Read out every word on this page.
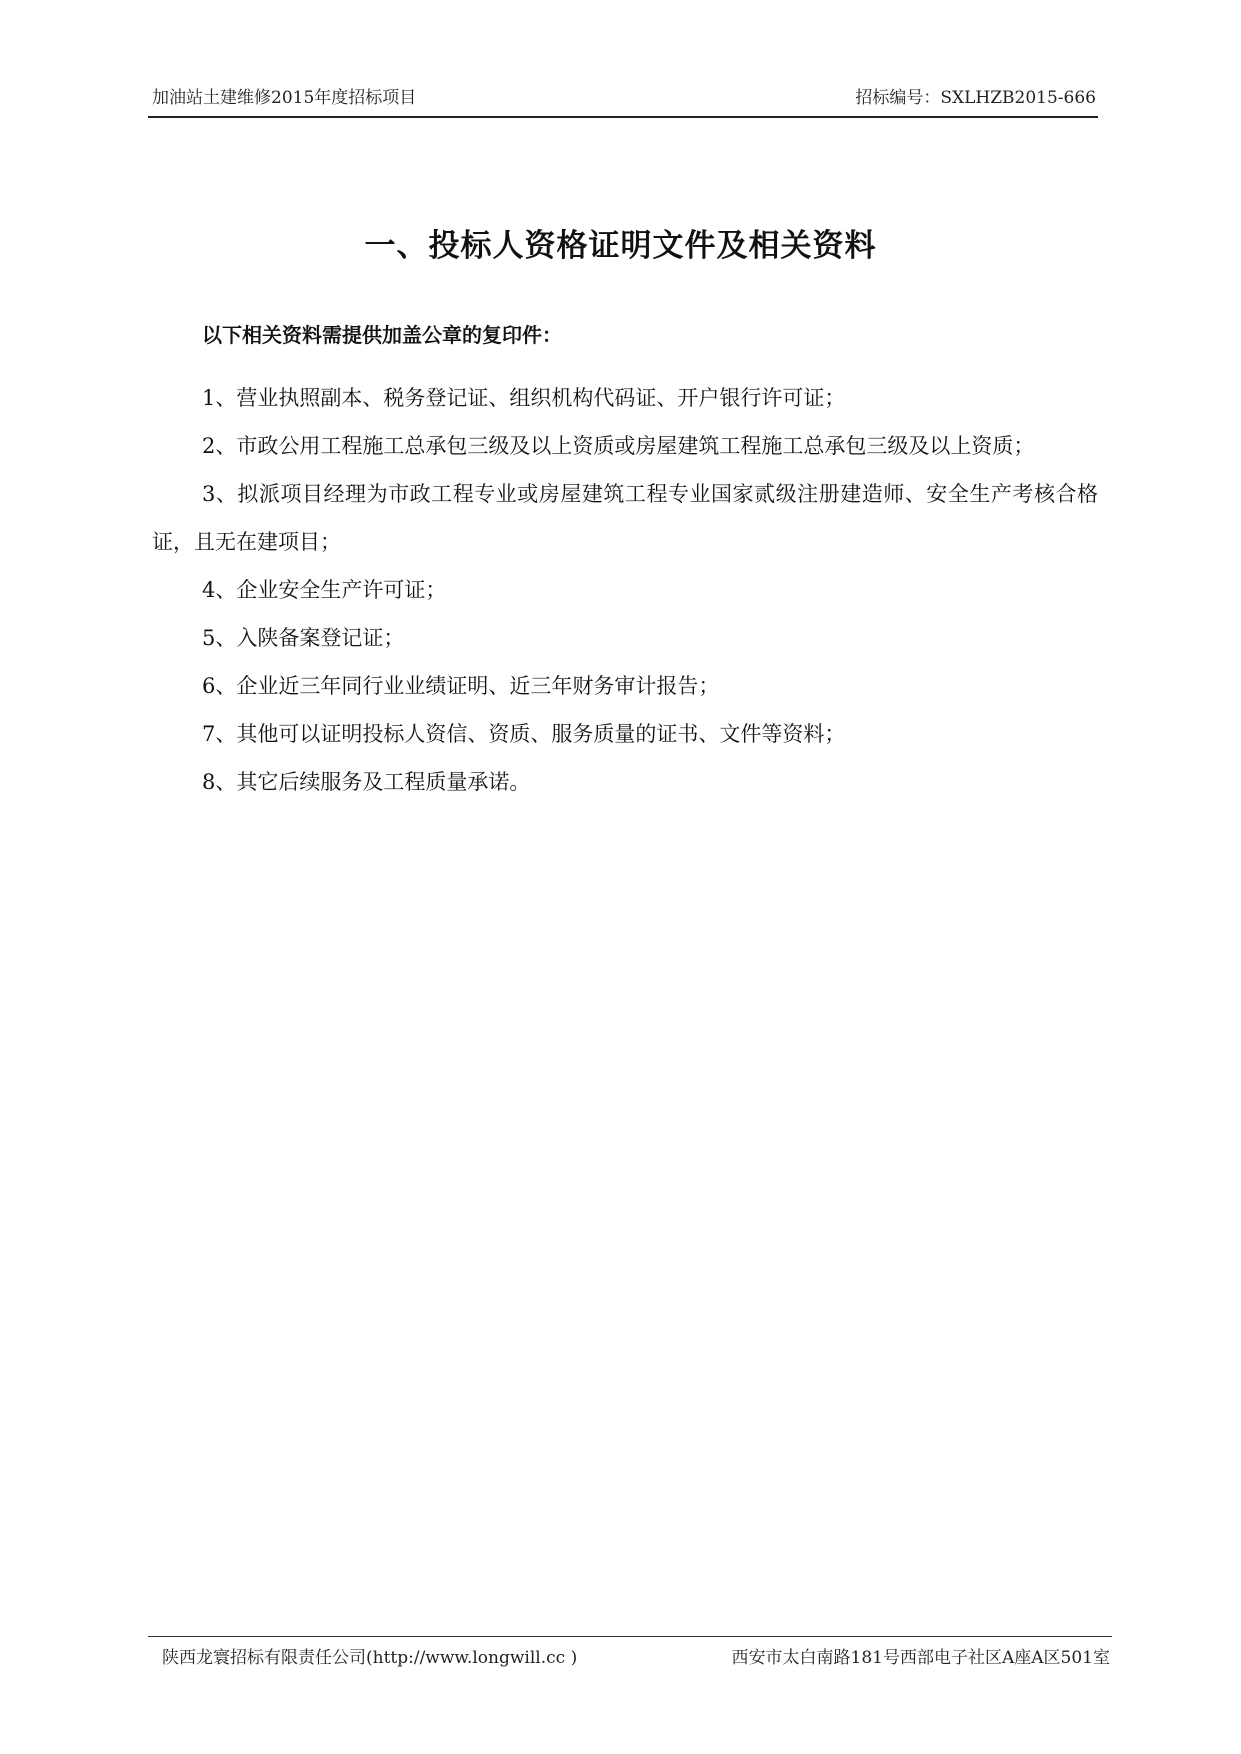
加油站土建维修2015年度招标项目	招标编号：SXLHZB2015-666
一、投标人资格证明文件及相关资料
以下相关资料需提供加盖公章的复印件：
1、营业执照副本、税务登记证、组织机构代码证、开户银行许可证；
2、市政公用工程施工总承包三级及以上资质或房屋建筑工程施工总承包三级及以上资质；
3、拟派项目经理为市政工程专业或房屋建筑工程专业国家贰级注册建造师、安全生产考核合格证，且无在建项目；
4、企业安全生产许可证；
5、入陕备案登记证；
6、企业近三年同行业业绩证明、近三年财务审计报告；
7、其他可以证明投标人资信、资质、服务质量的证书、文件等资料；
8、其它后续服务及工程质量承诺。
陕西龙寰招标有限责任公司(http://www.longwill.cc )	西安市太白南路181号西部电子社区A座A区501室
